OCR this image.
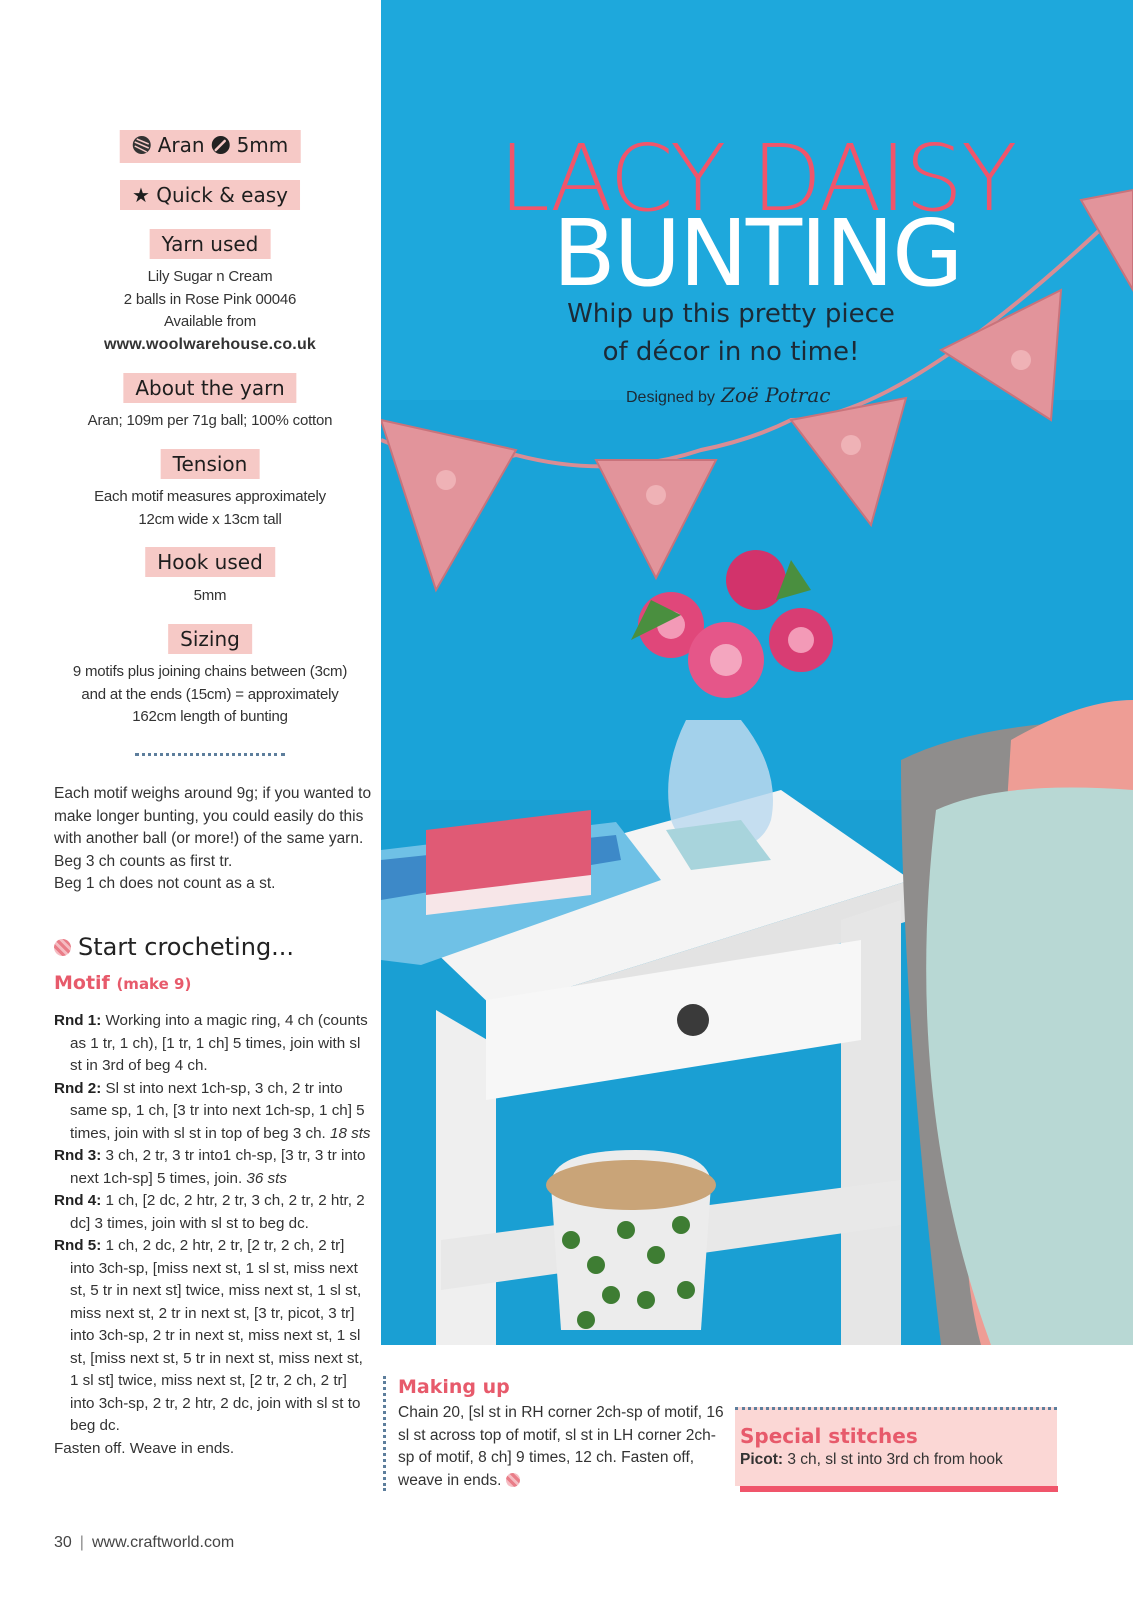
Aran 5mm
★ Quick & easy
Yarn used
Lily Sugar n Cream
2 balls in Rose Pink 00046
Available from
www.woolwarehouse.co.uk
About the yarn
Aran; 109m per 71g ball; 100% cotton
Tension
Each motif measures approximately
12cm wide x 13cm tall
Hook used
5mm
Sizing
9 motifs plus joining chains between (3cm)
and at the ends (15cm) = approximately
162cm length of bunting
Each motif weighs around 9g; if you wanted to make longer bunting, you could easily do this with another ball (or more!) of the same yarn.
Beg 3 ch counts as first tr.
Beg 1 ch does not count as a st.
Start crocheting...
Motif (make 9)

Rnd 1: Working into a magic ring, 4 ch (counts as 1 tr, 1 ch), [1 tr, 1 ch] 5 times, join with sl st in 3rd of beg 4 ch.

Rnd 2: Sl st into next 1ch-sp, 3 ch, 2 tr into same sp, 1 ch, [3 tr into next 1ch-sp, 1 ch] 5 times, join with sl st in top of beg 3 ch. 18 sts

Rnd 3: 3 ch, 2 tr, 3 tr into1 ch-sp, [3 tr, 3 tr into next 1ch-sp] 5 times, join. 36 sts

Rnd 4: 1 ch, [2 dc, 2 htr, 2 tr, 3 ch, 2 tr, 2 htr, 2 dc] 3 times, join with sl st to beg dc.

Rnd 5: 1 ch, 2 dc, 2 htr, 2 tr, [2 tr, 2 ch, 2 tr] into 3ch-sp, [miss next st, 1 sl st, miss next st, 5 tr in next st] twice, miss next st, 1 sl st, miss next st, 2 tr in next st, [3 tr, picot, 3 tr] into 3ch-sp, 2 tr in next st, miss next st, 1 sl st, [miss next st, 5 tr in next st, miss next st, 1 sl st] twice, miss next st, [2 tr, 2 ch, 2 tr] into 3ch-sp, 2 tr, 2 htr, 2 dc, join with sl st to beg dc.

Fasten off. Weave in ends.

LACY DAISY
BUNTING
Whip up this pretty piece
of décor in no time!
Designed by Zoë Potrac
Making up

Chain 20, [sl st in RH corner 2ch-sp of motif, 16 sl st across top of motif, sl st in LH corner 2ch-sp of motif, 8 ch] 9 times, 12 ch. Fasten off, weave in ends.

Special stitches

Picot: 3 ch, sl st into 3rd ch from hook

30 | www.craftworld.com
